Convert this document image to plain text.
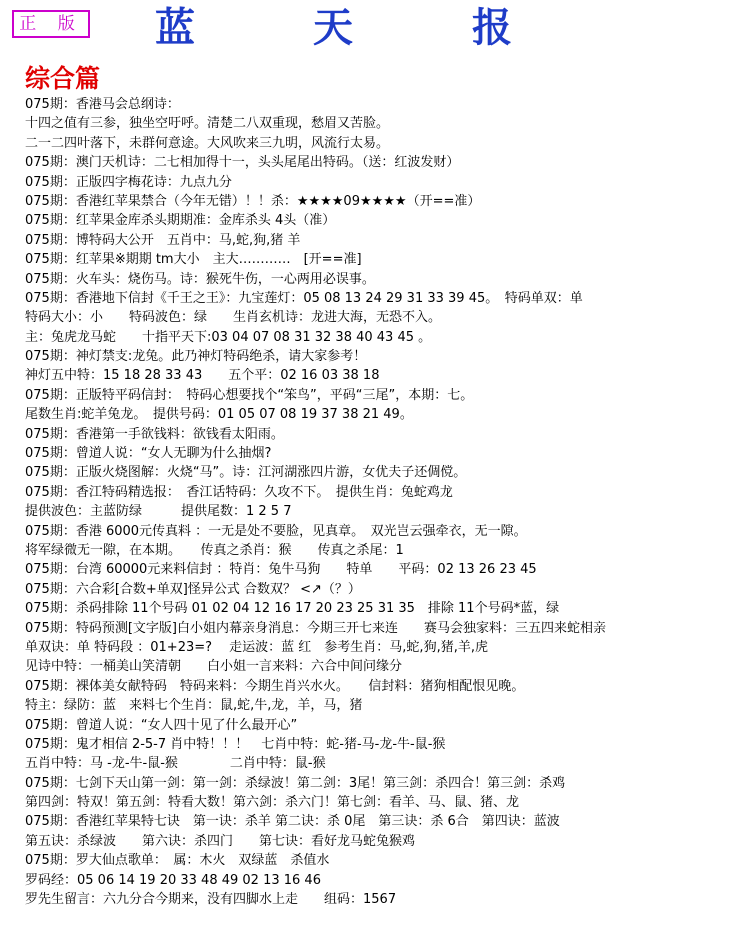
正 版 蓝	天	报
综合篇
075期：香港马会总纲诗：
十四之值有三参，独坐空吁呼。清楚二八双重现，愁眉又苦脸。
二一二四叶落下，未群何意途。大风吹来三九明，风流行太易。
075期：澳门天机诗：二七相加得十一，头头尾尾出特码。（送：红波发财）
075期：正版四字梅花诗：九点九分
075期：香港红苹果禁合（今年无错）！！杀：★★★★09★★★★（开==准）
075期：红苹果金库杀头期期准：金库杀头 4头（准）
075期：博特码大公开　五肖中：马,蛇,狗,猪 羊
075期：红苹果※期期 tm大小　主大…………　[开==准]
075期：火车头：烧伤马。诗：猴死牛伤，一心两用必误事。
075期：香港地下信封《千王之王》：九宝莲灯：05 08 13 24 29 31 33 39 45。　特码单双：单
特码大小：小　　特码波色：绿　　生肖玄机诗：龙进大海，无恐不入。
主：兔虎龙马蛇　　十指平天下:03 04 07 08 31 32 38 40 43 45 。
075期：神灯禁支:龙兔。此乃神灯特码绝杀，请大家参考！
神灯五中特：15 18 28 33 43　　五个平：02 16 03 38 18
075期：正版特平码信封：　特码心想要找个“笨鸟”，平码“三尾”，本期：七。
尾数生肖:蛇羊兔龙。　提供号码：01 05 07 08 19 37 38 21 49。
075期：香港第一手欲钱料：欲钱看太阳雨。
075期：曾道人说：“女人无聊为什么抽烟?
075期：正版火烧图解：火烧“马”。诗：江河湖涨四片游，女优夫子还倜傥。
075期：香江特码精选报：　香江话特码：久攻不下。　提供生肖：兔蛇鸡龙
提供波色：主蓝防绿　　　提供尾数：1 2 5 7
075期：香港 6000元传真料 ：一无是处不要脸，见真章。　双光岂云强牵衣，无一隙。
将军绿微无一隙，在本期。　　传真之杀肖：猴　　传真之杀尾：1
075期：台湾 60000元来料信封 ：特肖：兔牛马狗　　特单　　平码：02 13 26 23 45
075期：六合彩[合数+单双]怪异公式 合数双？ <↗（？）
075期：杀码排除 11个号码 01 02 04 12 16 17 20 23 25 31 35　排除 11个号码*蓝，绿
075期：特码预测[文字版]白小姐内幕亲身消息：今期三开七来连　　赛马会独家料：三五四来蛇相亲
单双诀：单 特码段 ：01+23=? 　走运波：蓝 红　参考生肖：马,蛇,狗,猪,羊,虎
见诗中特：一桶美山笑清朝　　白小姐一言来料：六合中间问缘分
075期：裸体美女献特码　特码来料：今期生肖兴水火。　　信封料：猪狗相配恨见晚。
特主：绿防：蓝　来料七个生肖：鼠,蛇,牛,龙，羊，马，猪
075期：曾道人说：“女人四十见了什么最开心”
075期：鬼才相信 2-5-7 肖中特！！！　七肖中特：蛇-猪-马-龙-牛-鼠-猴
五肖中特：马 -龙-牛-鼠-猴　　　　二肖中特：鼠-猴
075期：七剑下天山第一剑：第一剑：杀绿波！第二剑：3尾！第三剑：杀四合！第三剑：杀鸡
第四剑：特双！第五剑：特看大数！第六剑：杀六门！第七剑：看羊、马、鼠、猪、龙
075期：香港红苹果特七诀　第一诀：杀羊 第二诀：杀 0尾　第三诀：杀 6合　第四诀：蓝波
第五诀：杀绿波　　第六诀：杀四门　　第七诀：看好龙马蛇兔猴鸡
075期：罗大仙点歌单：　属：木火　双绿蓝　杀值水
罗码经：05 06 14 19 20 33 48 49 02 13 16 46
罗先生留言：六九分合今期来，没有四脚水上走　　组码：1567
